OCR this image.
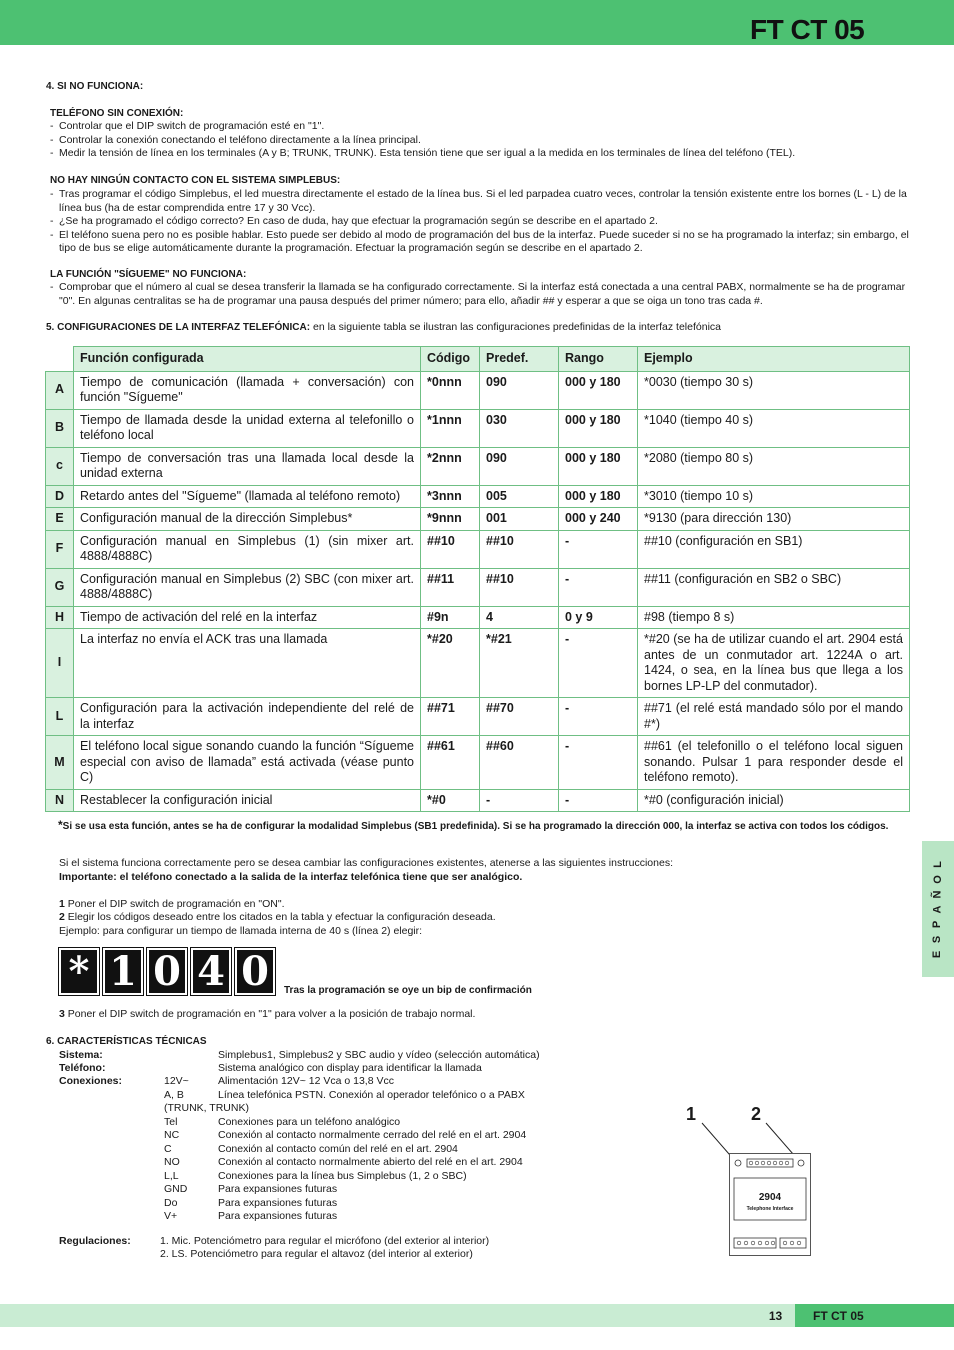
FT CT 05
4. SI NO FUNCIONA:
TELÉFONO SIN CONEXIÓN:
- Controlar que el DIP switch de programación esté en "1".
- Controlar la conexión conectando el teléfono directamente a la línea principal.
- Medir la tensión de línea en los terminales (A y B; TRUNK, TRUNK). Esta tensión tiene que ser igual a la medida en los terminales de línea del teléfono (TEL).
NO HAY NINGÚN CONTACTO CON EL SISTEMA SIMPLEBUS:
- Tras programar el código Simplebus, el led muestra directamente el estado de la línea bus. Si el led parpadea cuatro veces, controlar la tensión existente entre los bornes (L - L) de la línea bus (ha de estar comprendida entre 17 y 30 Vcc).
- ¿Se ha programado el código correcto? En caso de duda, hay que efectuar la programación según se describe en el apartado 2.
- El teléfono suena pero no es posible hablar. Esto puede ser debido al modo de programación del bus de la interfaz. Puede suceder si no se ha programado la interfaz; sin embargo, el tipo de bus se elige automáticamente durante la programación. Efectuar la programación según se describe en el apartado 2.
LA FUNCIÓN "SÍGUEME" NO FUNCIONA:
- Comprobar que el número al cual se desea transferir la llamada se ha configurado correctamente. Si la interfaz está conectada a una central PABX, normalmente se ha de programar "0". En algunas centralitas se ha de programar una pausa después del primer número; para ello, añadir ## y esperar a que se oiga un tono tras cada #.
5. CONFIGURACIONES DE LA INTERFAZ TELEFÓNICA: en la siguiente tabla se ilustran las configuraciones predefinidas de la interfaz telefónica
	Función configurada	Código	Predef.	Rango	Ejemplo
A	Tiempo de comunicación (llamada + conversación) con función "Sígueme"	*0nnn	090	000 y 180	*0030 (tiempo 30 s)
B	Tiempo de llamada desde la unidad externa al telefonillo o teléfono local	*1nnn	030	000 y 180	*1040 (tiempo 40 s)
c	Tiempo de conversación tras una llamada local desde la unidad externa	*2nnn	090	000 y 180	*2080 (tiempo 80 s)
D	Retardo antes del "Sígueme" (llamada al teléfono remoto)	*3nnn	005	000 y 180	*3010 (tiempo 10 s)
E	Configuración manual de la dirección Simplebus*	*9nnn	001	000 y 240	*9130 (para dirección 130)
F	Configuración manual en Simplebus (1) (sin mixer art. 4888/4888C)	##10	##10	-	##10 (configuración en SB1)
G	Configuración manual en Simplebus (2) SBC (con mixer art. 4888/4888C)	##11	##10	-	##11 (configuración en SB2 o SBC)
H	Tiempo de activación del relé en la interfaz	#9n	4	0 y 9	#98 (tiempo 8 s)
I	La interfaz no envía el ACK tras una llamada	*#20	*#21	-	*#20 (se ha de utilizar cuando el art. 2904 está antes de un conmutador art. 1224A o art. 1424, o sea, en la línea bus que llega a los bornes LP-LP del conmutador).
L	Configuración para la activación independiente del relé de la interfaz	##71	##70	-	##71 (el relé está mandado sólo por el mando #*)
M	El teléfono local sigue sonando cuando la función “Sígueme especial con aviso de llamada” está activada (véase punto C)	##61	##60	-	##61 (el telefonillo o el teléfono local siguen sonando. Pulsar 1 para responder desde el teléfono remoto).
N	Restablecer la configuración inicial	*#0	-	-	*#0 (configuración inicial)
*Si se usa esta función, antes se ha de configurar la modalidad Simplebus (SB1 predefinida). Si se ha programado la dirección 000, la interfaz se activa con todos los códigos.
Si el sistema funciona correctamente pero se desea cambiar las configuraciones existentes, atenerse a las siguientes instrucciones:
Importante: el teléfono conectado a la salida de la interfaz telefónica tiene que ser analógico.
1 Poner el DIP switch de programación en "ON".
2 Elegir los códigos deseado entre los citados en la tabla y efectuar la configuración deseada.
Ejemplo: para configurar un tiempo de llamada interna de 40 s (línea 2) elegir:
* 1 0 4 0	Tras la programación se oye un bip de confirmación
3 Poner el DIP switch de programación en "1" para volver a la posición de trabajo normal.
6. CARACTERÍSTICAS TÉCNICAS
Sistema:	Simplebus1, Simplebus2 y SBC audio y vídeo (selección automática)
Teléfono:	Sistema analógico con display para identificar la llamada
Conexiones:	12V~	Alimentación 12V~ 12 Vca o 13,8 Vcc
A, B	Línea telefónica PSTN. Conexión al operador telefónico o a PABX
(TRUNK, TRUNK)
Tel	Conexiones para un teléfono analógico
NC	Conexión al contacto normalmente cerrado del relé en el art. 2904
C	Conexión al contacto común del relé en el art. 2904
NO	Conexión al contacto normalmente abierto del relé en el art. 2904
L,L	Conexiones para la línea bus Simplebus (1, 2 o SBC)
GND	Para expansiones futuras
Do	Para expansiones futuras
V+	Para expansiones futuras
Regulaciones:	1. Mic. Potenciómetro para regular el micrófono (del exterior al interior)
2. LS. Potenciómetro para regular el altavoz (del interior al exterior)
1	2
2904
Telephone Interface
L
O
Ñ
A
P
S
E
13	FT CT 05
